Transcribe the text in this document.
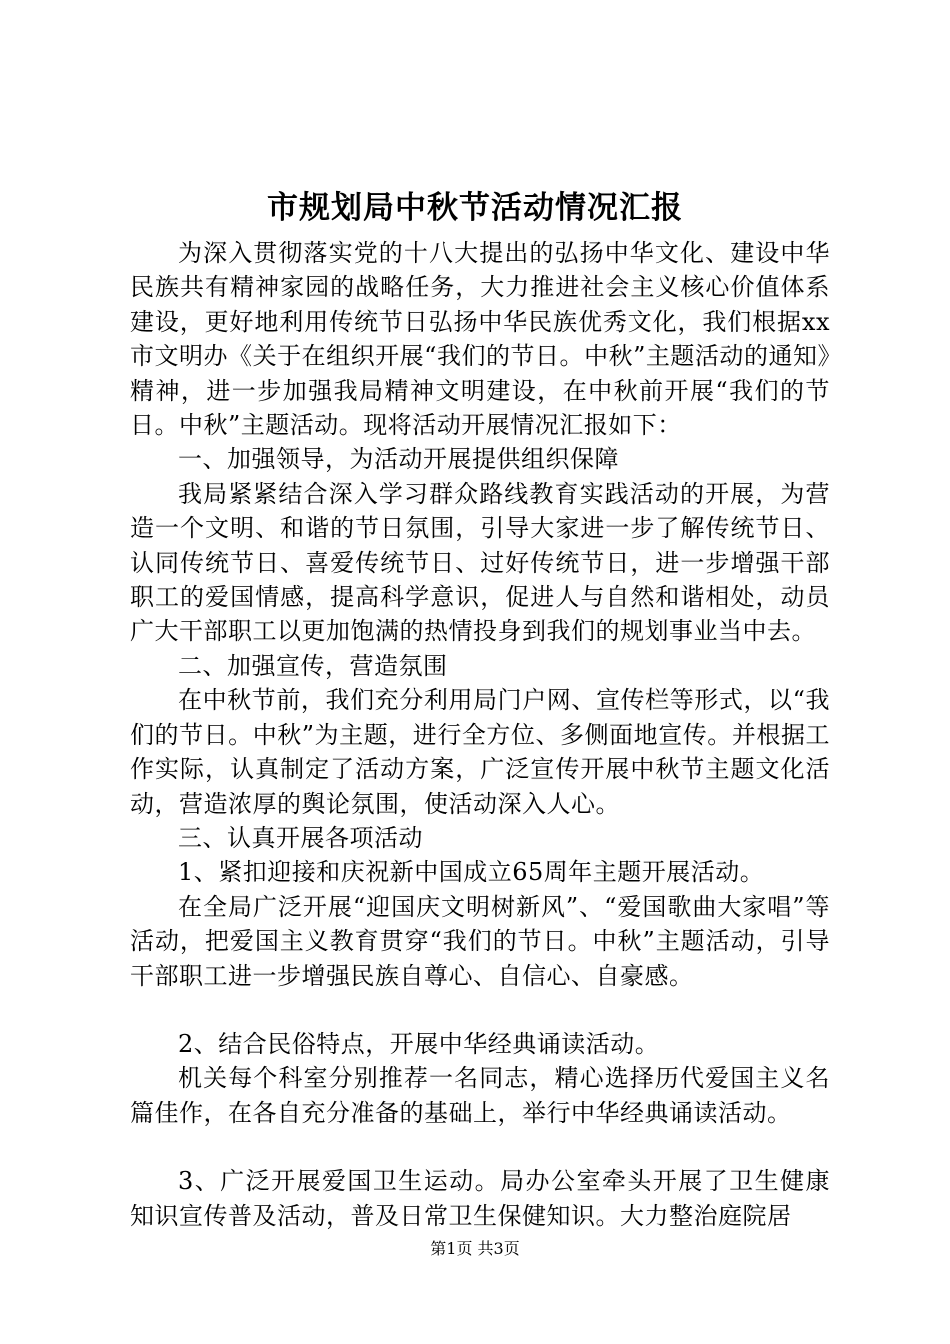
市规划局中秋节活动情况汇报

为深入贯彻落实党的十八大提出的弘扬中华文化、建设中华民族共有精神家园的战略任务，大力推进社会主义核心价值体系建设，更好地利用传统节日弘扬中华民族优秀文化，我们根据xx市文明办《关于在组织开展“我们的节日。中秋”主题活动的通知》精神，进一步加强我局精神文明建设，在中秋前开展“我们的节日。中秋”主题活动。现将活动开展情况汇报如下：

一、加强领导，为活动开展提供组织保障

我局紧紧结合深入学习群众路线教育实践活动的开展，为营造一个文明、和谐的节日氛围，引导大家进一步了解传统节日、认同传统节日、喜爱传统节日、过好传统节日，进一步增强干部职工的爱国情感，提高科学意识，促进人与自然和谐相处，动员广大干部职工以更加饱满的热情投身到我们的规划事业当中去。

二、加强宣传，营造氛围

在中秋节前，我们充分利用局门户网、宣传栏等形式，以“我们的节日。中秋”为主题，进行全方位、多侧面地宣传。并根据工作实际，认真制定了活动方案，广泛宣传开展中秋节主题文化活动，营造浓厚的舆论氛围，使活动深入人心。

三、认真开展各项活动

1、紧扣迎接和庆祝新中国成立65周年主题开展活动。

在全局广泛开展“迎国庆文明树新风”、“爱国歌曲大家唱”等活动，把爱国主义教育贯穿“我们的节日。中秋”主题活动，引导干部职工进一步增强民族自尊心、自信心、自豪感。

2、结合民俗特点，开展中华经典诵读活动。

机关每个科室分别推荐一名同志，精心选择历代爱国主义名篇佳作，在各自充分准备的基础上，举行中华经典诵读活动。

3、广泛开展爱国卫生运动。局办公室牵头开展了卫生健康知识宣传普及活动，普及日常卫生保健知识。大力整治庭院居

第1页 共3页
